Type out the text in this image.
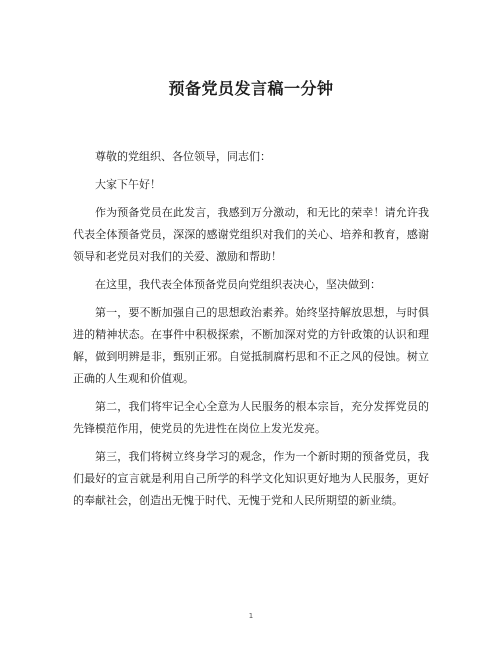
预备党员发言稿一分钟

尊敬的党组织、各位领导，同志们：

大家下午好！

作为预备党员在此发言，我感到万分激动，和无比的荣幸！请允许我代表全体预备党员，深深的感谢党组织对我们的关心、培养和教育，感谢领导和老党员对我们的关爱、激励和帮助！

在这里，我代表全体预备党员向党组织表决心，坚决做到：

第一，要不断加强自己的思想政治素养。始终坚持解放思想，与时俱进的精神状态。在事件中积极探索，不断加深对党的方针政策的认识和理解，做到明辨是非，甄别正邪。自觉抵制腐朽思和不正之风的侵蚀。树立正确的人生观和价值观。

第二，我们将牢记全心全意为人民服务的根本宗旨，充分发挥党员的先锋模范作用，使党员的先进性在岗位上发光发亮。

第三，我们将树立终身学习的观念，作为一个新时期的预备党员，我们最好的宣言就是利用自己所学的科学文化知识更好地为人民服务，更好的奉献社会，创造出无愧于时代、无愧于党和人民所期望的新业绩。

1
